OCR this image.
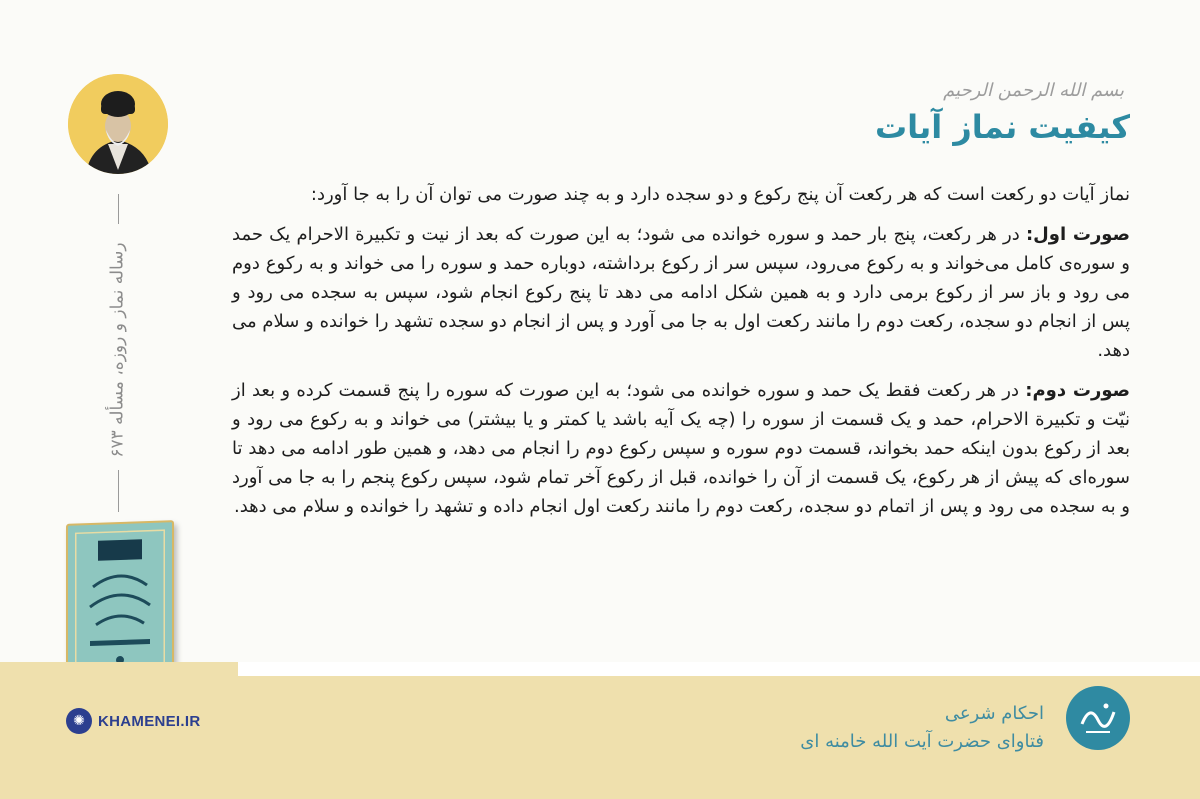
رساله نماز و روزه، مسأله ۶۷۳
بسم الله الرحمن الرحیم
کیفیت نماز آیات

نماز آیات دو رکعت است که هر رکعت آن پنج رکوع و دو سجده دارد و به چند صورت می توان آن را به جا آورد:

صورت اول: در هر رکعت، پنج بار حمد و سوره خوانده می شود؛ به این صورت که بعد از نیت و تکبیرة الاحرام یک حمد و سوره‌ی کامل می‌خواند و به رکوع می‌رود، سپس سر از رکوع برداشته، دوباره حمد و سوره را می خواند و به رکوع دوم می رود و باز سر از رکوع برمی دارد و به همین شکل ادامه می دهد تا پنج رکوع انجام شود، سپس به سجده می رود و پس از انجام دو سجده، رکعت دوم را مانند رکعت اول به جا می آورد و پس از انجام دو سجده تشهد را خوانده و سلام می دهد.

صورت دوم: در هر رکعت فقط یک حمد و سوره خوانده می شود؛ به این صورت که سوره را پنج قسمت کرده و بعد از نیّت و تکبیرة الاحرام، حمد و یک قسمت از سوره را (چه یک آیه باشد یا کمتر و یا بیشتر) می خواند و به رکوع می رود و بعد از رکوع بدون اینکه حمد بخواند، قسمت دوم سوره و سپس رکوع دوم را انجام می دهد، و همین طور ادامه می دهد تا سوره‌ای که پیش از هر رکوع، یک قسمت از آن را خوانده، قبل از رکوع آخر تمام شود، سپس رکوع پنجم را به جا می آورد و به سجده می رود و پس از اتمام دو سجده، رکعت دوم را مانند رکعت اول انجام داده و تشهد را خوانده و سلام می دهد.

احکام شرعی
فتاوای حضرت آیت الله خامنه ای
✺ KHAMENEI.IR
